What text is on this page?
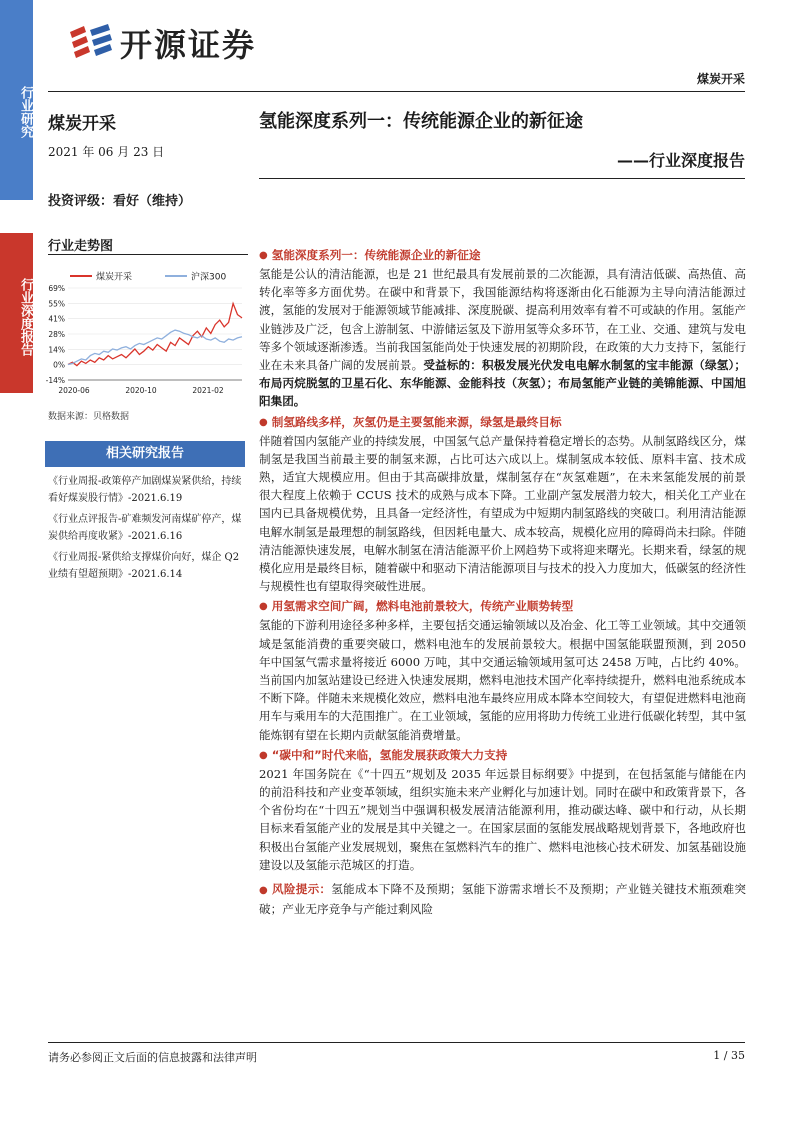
行业研究
行业深度报告
开源证券
煤炭开采
煤炭开采
2021 年 06 月 23 日
投资评级：看好（维持）
氢能深度系列一：传统能源企业的新征途
——行业深度报告
行业走势图
煤炭开采	沪深300
69%
55%
41%
28%
14%
0%
-14%
2020-06	2020-10	2021-02
数据来源：贝格数据
相关研究报告
《行业周报-政策停产加剧煤炭紧供给，持续看好煤炭股行情》-2021.6.19
《行业点评报告-矿难频发河南煤矿停产，煤炭供给再度收紧》-2021.6.16
《行业周报-紧供给支撑煤价向好，煤企 Q2 业绩有望超预期》-2021.6.14
● 氢能深度系列一：传统能源企业的新征途

氢能是公认的清洁能源，也是 21 世纪最具有发展前景的二次能源，具有清洁低碳、高热值、高转化率等多方面优势。在碳中和背景下，我国能源结构将逐渐由化石能源为主导向清洁能源过渡，氢能的发展对于能源领域节能减排、深度脱碳、提高利用效率有着不可或缺的作用。氢能产业链涉及广泛，包含上游制氢、中游储运氢及下游用氢等众多环节，在工业、交通、建筑与发电等多个领域逐渐渗透。当前我国氢能尚处于快速发展的初期阶段，在政策的大力支持下，氢能行业在未来具备广阔的发展前景。受益标的：积极发展光伏发电电解水制氢的宝丰能源（绿氢）；布局丙烷脱氢的卫星石化、东华能源、金能科技（灰氢）；布局氢能产业链的美锦能源、中国旭阳集团。

● 制氢路线多样，灰氢仍是主要氢能来源，绿氢是最终目标

伴随着国内氢能产业的持续发展，中国氢气总产量保持着稳定增长的态势。从制氢路线区分，煤制氢是我国当前最主要的制氢来源，占比可达六成以上。煤制氢成本较低、原料丰富、技术成熟，适宜大规模应用。但由于其高碳排放量，煤制氢存在“灰氢难题”，在未来氢能发展的前景很大程度上依赖于 CCUS 技术的成熟与成本下降。工业副产氢发展潜力较大，相关化工产业在国内已具备规模优势，且具备一定经济性，有望成为中短期内制氢路线的突破口。利用清洁能源电解水制氢是最理想的制氢路线，但因耗电量大、成本较高，规模化应用的障碍尚未扫除。伴随清洁能源快速发展，电解水制氢在清洁能源平价上网趋势下或将迎来曙光。长期来看，绿氢的规模化应用是最终目标，随着碳中和驱动下清洁能源项目与技术的投入力度加大，低碳氢的经济性与规模性也有望取得突破性进展。

● 用氢需求空间广阔，燃料电池前景较大，传统产业顺势转型

氢能的下游利用途径多种多样，主要包括交通运输领域以及冶金、化工等工业领域。其中交通领域是氢能消费的重要突破口，燃料电池车的发展前景较大。根据中国氢能联盟预测，到 2050 年中国氢气需求量将接近 6000 万吨，其中交通运输领域用氢可达 2458 万吨，占比约 40%。当前国内加氢站建设已经进入快速发展期，燃料电池技术国产化率持续提升，燃料电池系统成本不断下降。伴随未来规模化效应，燃料电池车最终应用成本降本空间较大，有望促进燃料电池商用车与乘用车的大范围推广。在工业领域，氢能的应用将助力传统工业进行低碳化转型，其中氢能炼钢有望在长期内贡献氢能消费增量。

● “碳中和”时代来临，氢能发展获政策大力支持

2021 年国务院在《“十四五”规划及 2035 年远景目标纲要》中提到，在包括氢能与储能在内的前沿科技和产业变革领域，组织实施未来产业孵化与加速计划。同时在碳中和政策背景下，各个省份均在“十四五”规划当中强调积极发展清洁能源利用，推动碳达峰、碳中和行动，从长期目标来看氢能产业的发展是其中关键之一。在国家层面的氢能发展战略规划背景下，各地政府也积极出台氢能产业发展规划，聚焦在氢燃料汽车的推广、燃料电池核心技术研发、加氢基础设施建设以及氢能示范城区的打造。

● 风险提示：氢能成本下降不及预期；氢能下游需求增长不及预期；产业链关键技术瓶颈难突破；产业无序竞争与产能过剩风险

请务必参阅正文后面的信息披露和法律声明	1 / 35
